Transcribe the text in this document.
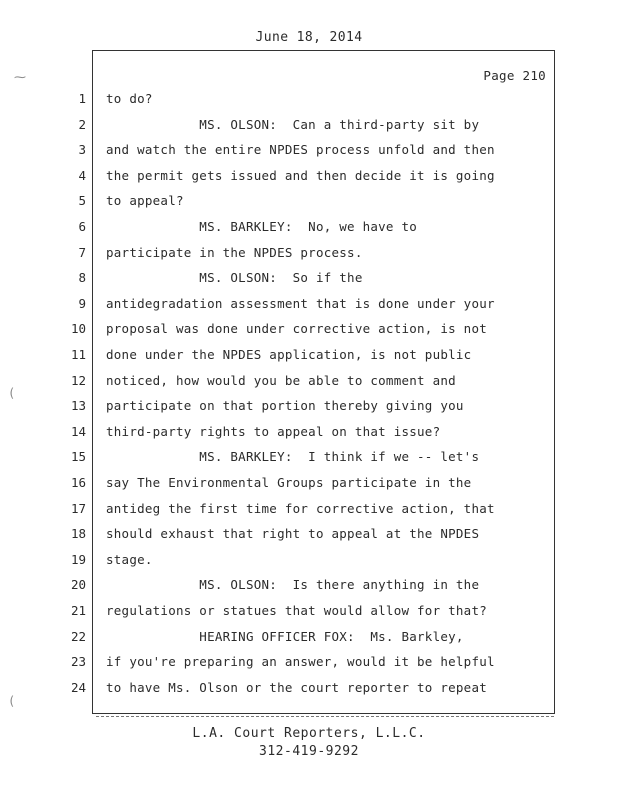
June 18, 2014
Page 210
1 to do?
2 MS. OLSON:  Can a third-party sit by
3 and watch the entire NPDES process unfold and then
4 the permit gets issued and then decide it is going
5 to appeal?
6 MS. BARKLEY:  No, we have to
7 participate in the NPDES process.
8 MS. OLSON:  So if the
9 antidegradation assessment that is done under your
10 proposal was done under corrective action, is not
11 done under the NPDES application, is not public
12 noticed, how would you be able to comment and
13 participate on that portion thereby giving you
14 third-party rights to appeal on that issue?
15 MS. BARKLEY:  I think if we -- let's
16 say The Environmental Groups participate in the
17 antideg the first time for corrective action, that
18 should exhaust that right to appeal at the NPDES
19 stage.
20 MS. OLSON:  Is there anything in the
21 regulations or statues that would allow for that?
22 HEARING OFFICER FOX:  Ms. Barkley,
23 if you're preparing an answer, would it be helpful
24 to have Ms. Olson or the court reporter to repeat
L.A. Court Reporters, L.L.C.
312-419-9292
⁓
(
(
